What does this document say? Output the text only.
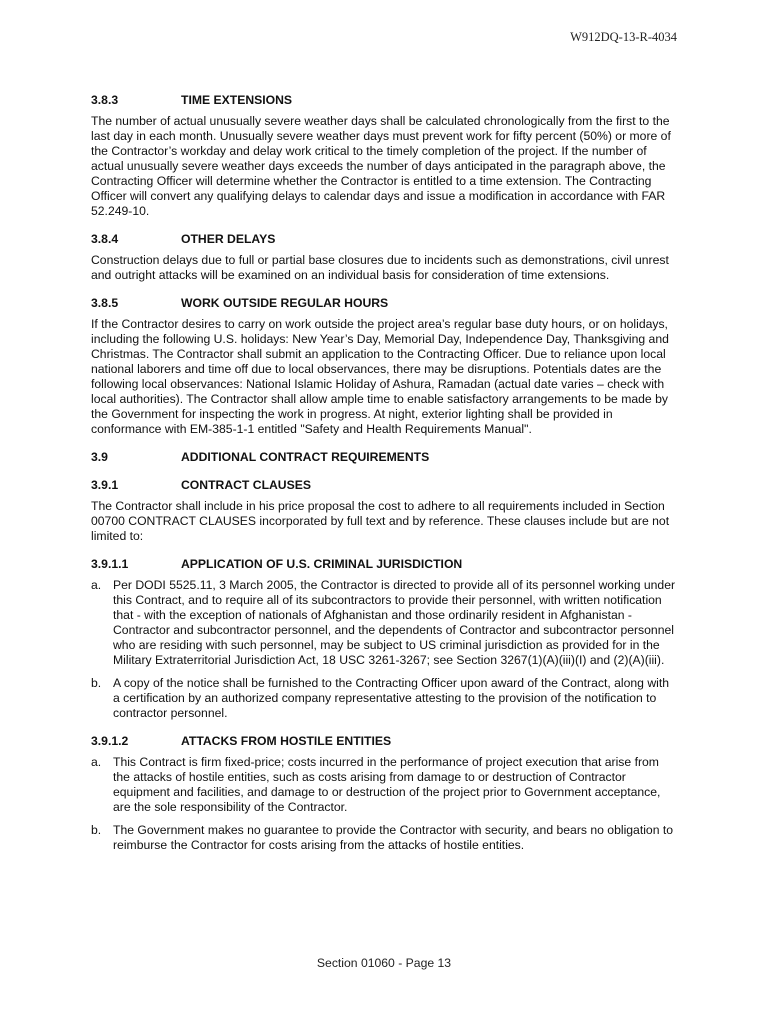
W912DQ-13-R-4034
3.8.3	TIME EXTENSIONS
The number of actual unusually severe weather days shall be calculated chronologically from the first to the last day in each month. Unusually severe weather days must prevent work for fifty percent (50%) or more of the Contractor’s workday and delay work critical to the timely completion of the project. If the number of actual unusually severe weather days exceeds the number of days anticipated in the paragraph above, the Contracting Officer will determine whether the Contractor is entitled to a time extension. The Contracting Officer will convert any qualifying delays to calendar days and issue a modification in accordance with FAR 52.249-10.
3.8.4	OTHER DELAYS
Construction delays due to full or partial base closures due to incidents such as demonstrations, civil unrest and outright attacks will be examined on an individual basis for consideration of time extensions.
3.8.5	WORK OUTSIDE REGULAR HOURS
If the Contractor desires to carry on work outside the project area’s regular base duty hours, or on holidays, including the following U.S. holidays: New Year’s Day, Memorial Day, Independence Day, Thanksgiving and Christmas. The Contractor shall submit an application to the Contracting Officer. Due to reliance upon local national laborers and time off due to local observances, there may be disruptions. Potentials dates are the following local observances: National Islamic Holiday of Ashura, Ramadan (actual date varies – check with local authorities). The Contractor shall allow ample time to enable satisfactory arrangements to be made by the Government for inspecting the work in progress. At night, exterior lighting shall be provided in conformance with EM-385-1-1 entitled "Safety and Health Requirements Manual".
3.9	ADDITIONAL CONTRACT REQUIREMENTS
3.9.1	CONTRACT CLAUSES
The Contractor shall include in his price proposal the cost to adhere to all requirements included in Section 00700 CONTRACT CLAUSES incorporated by full text and by reference. These clauses include but are not limited to:
3.9.1.1	APPLICATION OF U.S. CRIMINAL JURISDICTION
a. Per DODI 5525.11, 3 March 2005, the Contractor is directed to provide all of its personnel working under this Contract, and to require all of its subcontractors to provide their personnel, with written notification that - with the exception of nationals of Afghanistan and those ordinarily resident in Afghanistan - Contractor and subcontractor personnel, and the dependents of Contractor and subcontractor personnel who are residing with such personnel, may be subject to US criminal jurisdiction as provided for in the Military Extraterritorial Jurisdiction Act, 18 USC 3261-3267; see Section 3267(1)(A)(iii)(I) and (2)(A)(iii).
b. A copy of the notice shall be furnished to the Contracting Officer upon award of the Contract, along with a certification by an authorized company representative attesting to the provision of the notification to contractor personnel.
3.9.1.2	ATTACKS FROM HOSTILE ENTITIES
a. This Contract is firm fixed-price; costs incurred in the performance of project execution that arise from the attacks of hostile entities, such as costs arising from damage to or destruction of Contractor equipment and facilities, and damage to or destruction of the project prior to Government acceptance, are the sole responsibility of the Contractor.
b. The Government makes no guarantee to provide the Contractor with security, and bears no obligation to reimburse the Contractor for costs arising from the attacks of hostile entities.
Section 01060 - Page 13
